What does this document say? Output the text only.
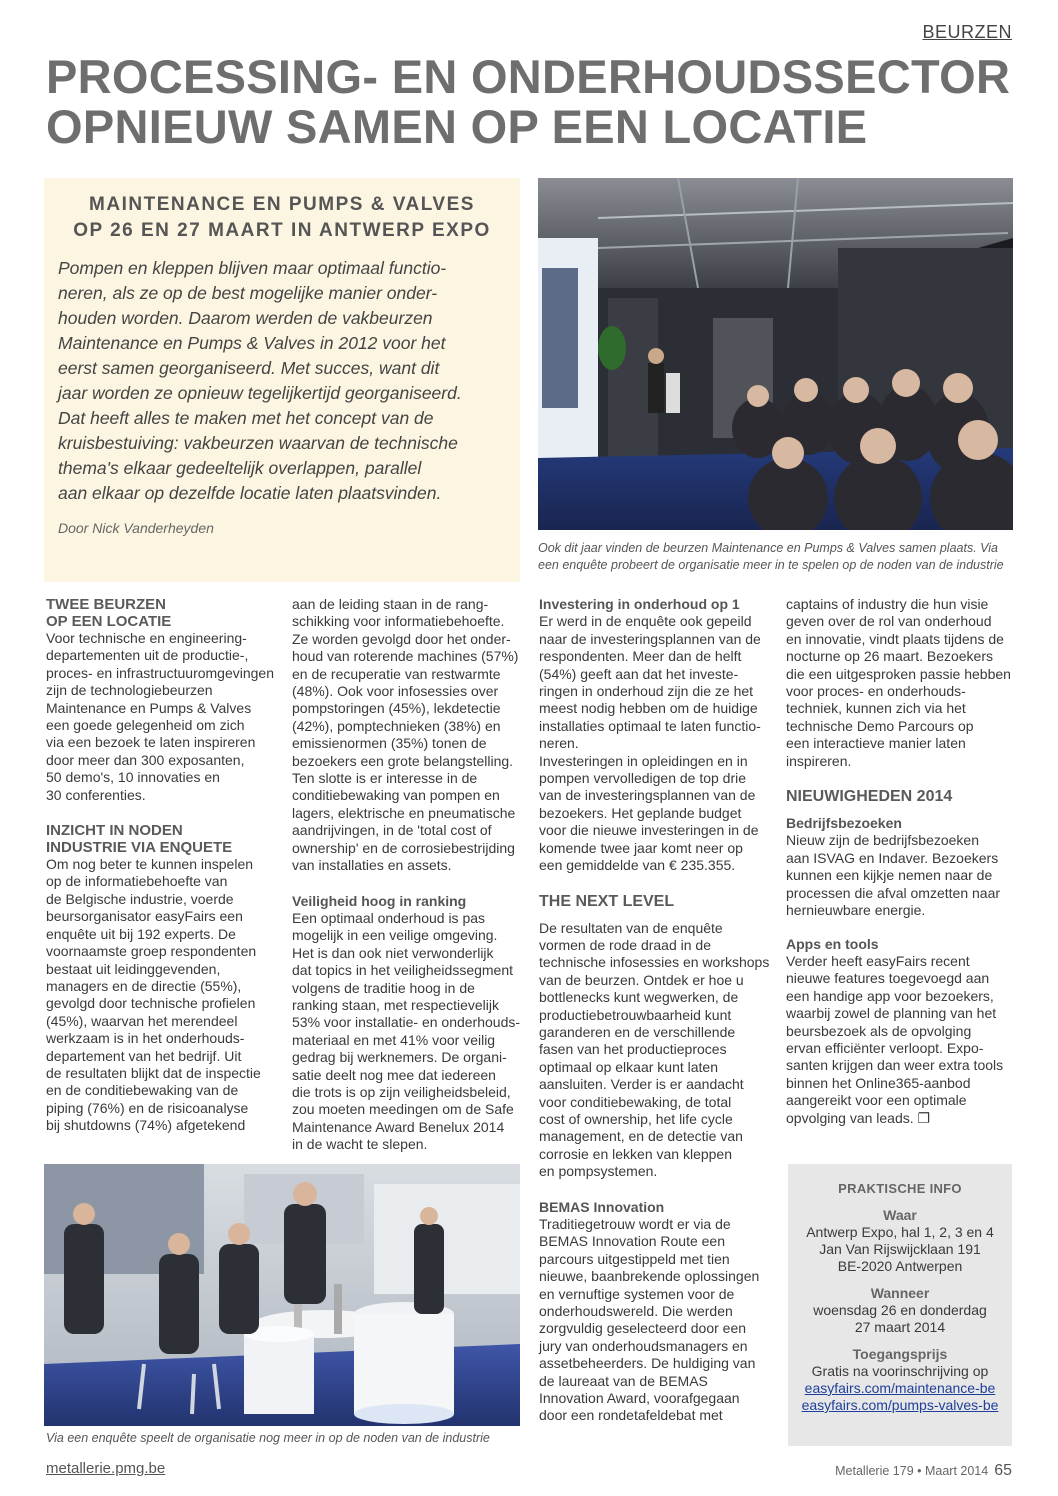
BEURZEN
PROCESSING- EN ONDERHOUDSSECTOR
OPNIEUW SAMEN OP EEN LOCATIE
MAINTENANCE EN PUMPS & VALVES
OP 26 EN 27 MAART IN ANTWERP EXPO
Pompen en kleppen blijven maar optimaal functio-
neren, als ze op de best mogelijke manier onder-
houden worden. Daarom werden de vakbeurzen
Maintenance en Pumps & Valves in 2012 voor het
eerst samen georganiseerd. Met succes, want dit
jaar worden ze opnieuw tegelijkertijd georganiseerd.
Dat heeft alles te maken met het concept van de
kruisbestuiving: vakbeurzen waarvan de technische
thema's elkaar gedeeltelijk overlappen, parallel
aan elkaar op dezelfde locatie laten plaatsvinden.
Door Nick Vanderheyden
Ook dit jaar vinden de beurzen Maintenance en Pumps & Valves samen plaats. Via
een enquête probeert de organisatie meer in te spelen op de noden van de industrie
TWEE BEURZEN
OP EEN LOCATIE

Voor technische en engineering-
departementen uit de productie-,
proces- en infrastructuuromgevingen
zijn de technologiebeurzen
Maintenance en Pumps & Valves
een goede gelegenheid om zich
via een bezoek te laten inspireren
door meer dan 300 exposanten,
50 demo's, 10 innovaties en
30 conferenties.

INZICHT IN NODEN
INDUSTRIE VIA ENQUETE

Om nog beter te kunnen inspelen
op de informatiebehoefte van
de Belgische industrie, voerde
beursorganisator easyFairs een
enquête uit bij 192 experts. De
voornaamste groep respondenten
bestaat uit leidinggevenden,
managers en de directie (55%),
gevolgd door technische profielen
(45%), waarvan het merendeel
werkzaam is in het onderhouds-
departement van het bedrijf. Uit
de resultaten blijkt dat de inspectie
en de conditiebewaking van de
piping (76%) en de risicoanalyse
bij shutdowns (74%) afgetekend

aan de leiding staan in de rang-
schikking voor informatiebehoefte.
Ze worden gevolgd door het onder-
houd van roterende machines (57%)
en de recuperatie van restwarmte
(48%). Ook voor infosessies over
pompstoringen (45%), lekdetectie
(42%), pomptechnieken (38%) en
emissienormen (35%) tonen de
bezoekers een grote belangstelling.
Ten slotte is er interesse in de
conditiebewaking van pompen en
lagers, elektrische en pneumatische
aandrijvingen, in de 'total cost of
ownership' en de corrosiebestrijding
van installaties en assets.

Veiligheid hoog in ranking

Een optimaal onderhoud is pas
mogelijk in een veilige omgeving.
Het is dan ook niet verwonderlijk
dat topics in het veiligheidssegment
volgens de traditie hoog in de
ranking staan, met respectievelijk
53% voor installatie- en onderhouds-
materiaal en met 41% voor veilig
gedrag bij werknemers. De organi-
satie deelt nog mee dat iedereen
die trots is op zijn veiligheidsbeleid,
zou moeten meedingen om de Safe
Maintenance Award Benelux 2014
in de wacht te slepen.

Investering in onderhoud op 1

Er werd in de enquête ook gepeild
naar de investeringsplannen van de
respondenten. Meer dan de helft
(54%) geeft aan dat het investe-
ringen in onderhoud zijn die ze het
meest nodig hebben om de huidige
installaties optimaal te laten functio-
neren.
Investeringen in opleidingen en in
pompen vervolledigen de top drie
van de investeringsplannen van de
bezoekers. Het geplande budget
voor die nieuwe investeringen in de
komende twee jaar komt neer op
een gemiddelde van € 235.355.

THE NEXT LEVEL

De resultaten van de enquête
vormen de rode draad in de
technische infosessies en workshops
van de beurzen. Ontdek er hoe u
bottlenecks kunt wegwerken, de
productiebetrouwbaarheid kunt
garanderen en de verschillende
fasen van het productieproces
optimaal op elkaar kunt laten
aansluiten. Verder is er aandacht
voor conditiebewaking, de total
cost of ownership, het life cycle
management, en de detectie van
corrosie en lekken van kleppen
en pompsystemen.

BEMAS Innovation

Traditiegetrouw wordt er via de
BEMAS Innovation Route een
parcours uitgestippeld met tien
nieuwe, baanbrekende oplossingen
en vernuftige systemen voor de
onderhoudswereld. Die werden
zorgvuldig geselecteerd door een
jury van onderhoudsmanagers en
assetbeheerders. De huldiging van
de laureaat van de BEMAS
Innovation Award, voorafgegaan
door een rondetafeldebat met

captains of industry die hun visie
geven over de rol van onderhoud
en innovatie, vindt plaats tijdens de
nocturne op 26 maart. Bezoekers
die een uitgesproken passie hebben
voor proces- en onderhouds-
techniek, kunnen zich via het
technische Demo Parcours op
een interactieve manier laten
inspireren.

NIEUWIGHEDEN 2014
Bedrijfsbezoeken

Nieuw zijn de bedrijfsbezoeken
aan ISVAG en Indaver. Bezoekers
kunnen een kijkje nemen naar de
processen die afval omzetten naar
hernieuwbare energie.

Apps en tools

Verder heeft easyFairs recent
nieuwe features toegevoegd aan
een handige app voor bezoekers,
waarbij zowel de planning van het
beursbezoek als de opvolging
ervan efficiënter verloopt. Expo-
santen krijgen dan weer extra tools
binnen het Online365-aanbod
aangereikt voor een optimale
opvolging van leads. ❐

Via een enquête speelt de organisatie nog meer in op de noden van de industrie
PRAKTISCHE INFO
Waar
Antwerp Expo, hal 1, 2, 3 en 4
Jan Van Rijswijcklaan 191
BE-2020 Antwerpen
Wanneer
woensdag 26 en donderdag
27 maart 2014
Toegangsprijs
Gratis na voorinschrijving op
easyfairs.com/maintenance-be
easyfairs.com/pumps-valves-be
metallerie.pmg.be	Metallerie 179 • Maart 2014 65
